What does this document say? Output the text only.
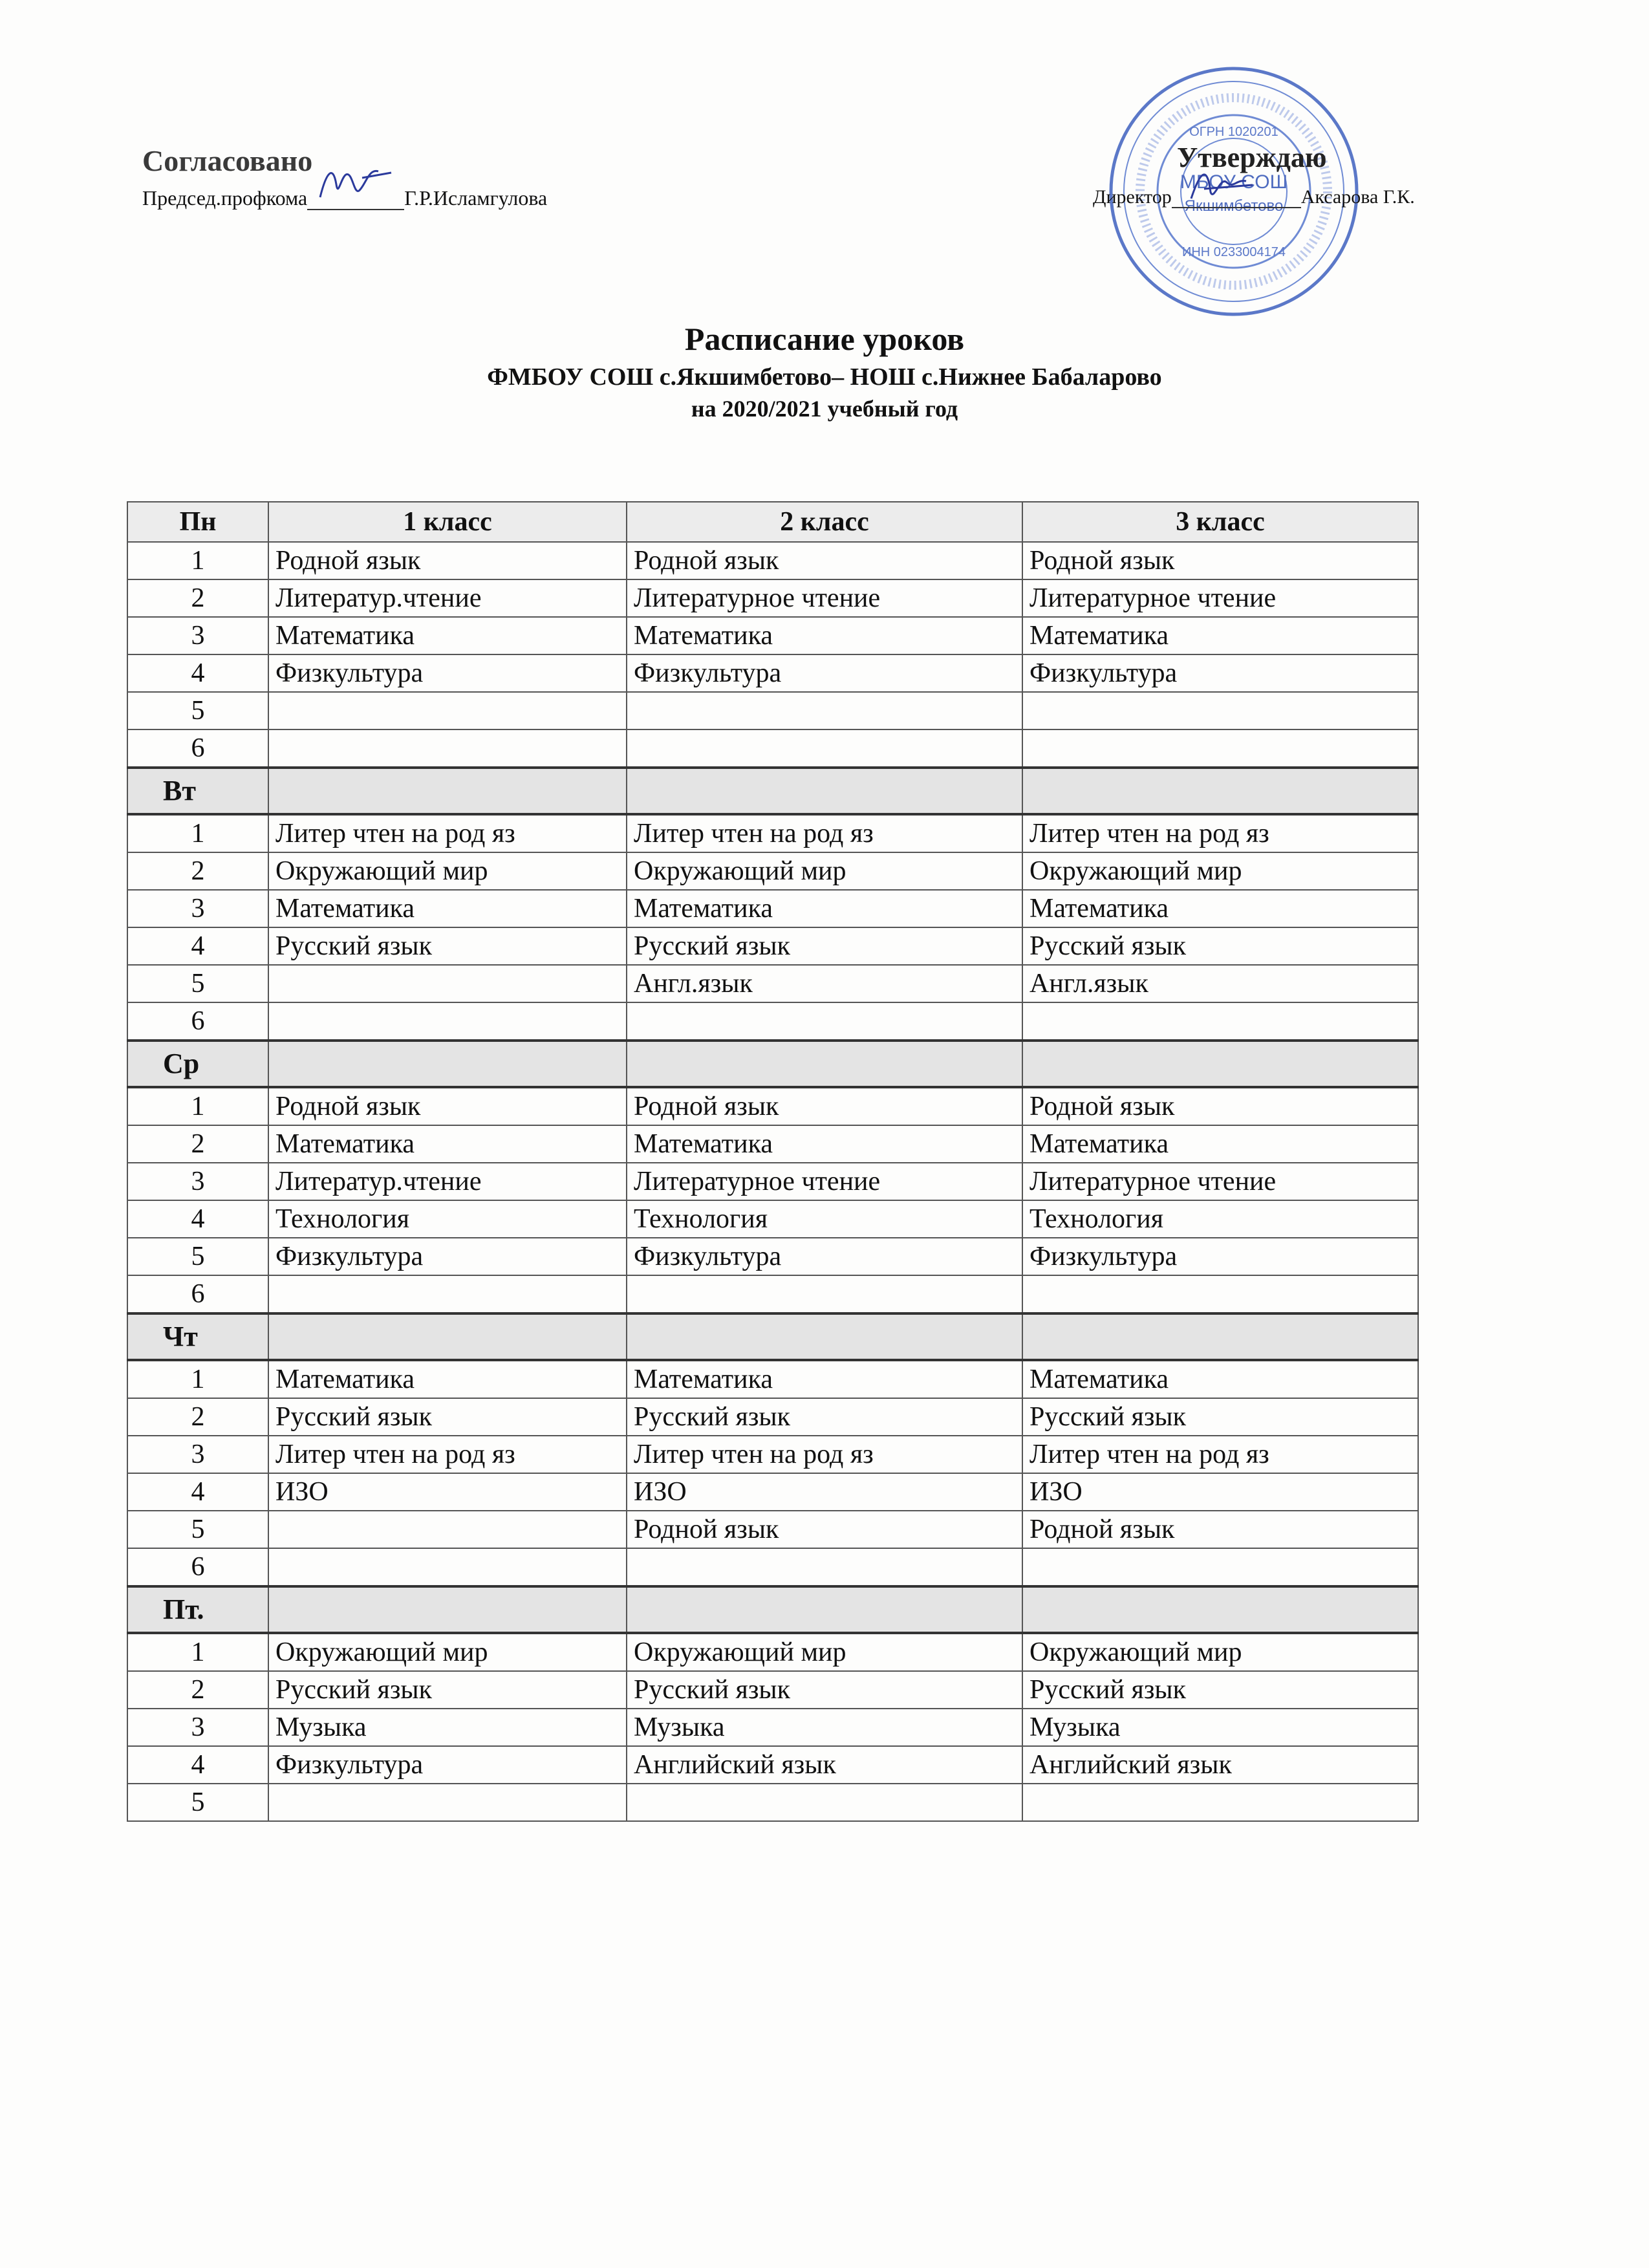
Согласовано
Председ.профкома	Г.Р.Исламгулова
МБОУ СОШ
Якшимбетово
ОГРН 1020201
ИНН 0233004174
Утверждаю
Директор	Аксарова Г.К.
Расписание уроков
ФМБОУ СОШ с.Якшимбетово– НОШ с.Нижнее Бабаларово
на 2020/2021 учебный год
Пн	1 класс	2 класс	3 класс
1	Родной язык	Родной язык	Родной язык
2	Литератур.чтение	Литературное чтение	Литературное чтение
3	Математика	Математика	Математика
4	Физкультура	Физкультура	Физкультура
5			
6			
Вт			
1	Литер чтен на род яз	Литер чтен на род яз	Литер чтен на род яз
2	Окружающий мир	Окружающий мир	Окружающий мир
3	Математика	Математика	Математика
4	Русский язык	Русский язык	Русский язык
5		Англ.язык	Англ.язык
6			
Ср			
1	Родной язык	Родной язык	Родной язык
2	Математика	Математика	Математика
3	Литератур.чтение	Литературное чтение	Литературное чтение
4	Технология	Технология	Технология
5	Физкультура	Физкультура	Физкультура
6			
Чт			
1	Математика	Математика	Математика
2	Русский язык	Русский язык	Русский язык
3	Литер чтен на род яз	Литер чтен на род яз	Литер чтен на род яз
4	ИЗО	ИЗО	ИЗО
5		Родной язык	Родной язык
6			
Пт.			
1	Окружающий мир	Окружающий мир	Окружающий мир
2	Русский язык	Русский язык	Русский язык
3	Музыка	Музыка	Музыка
4	Физкультура	Английский язык	Английский язык
5			
